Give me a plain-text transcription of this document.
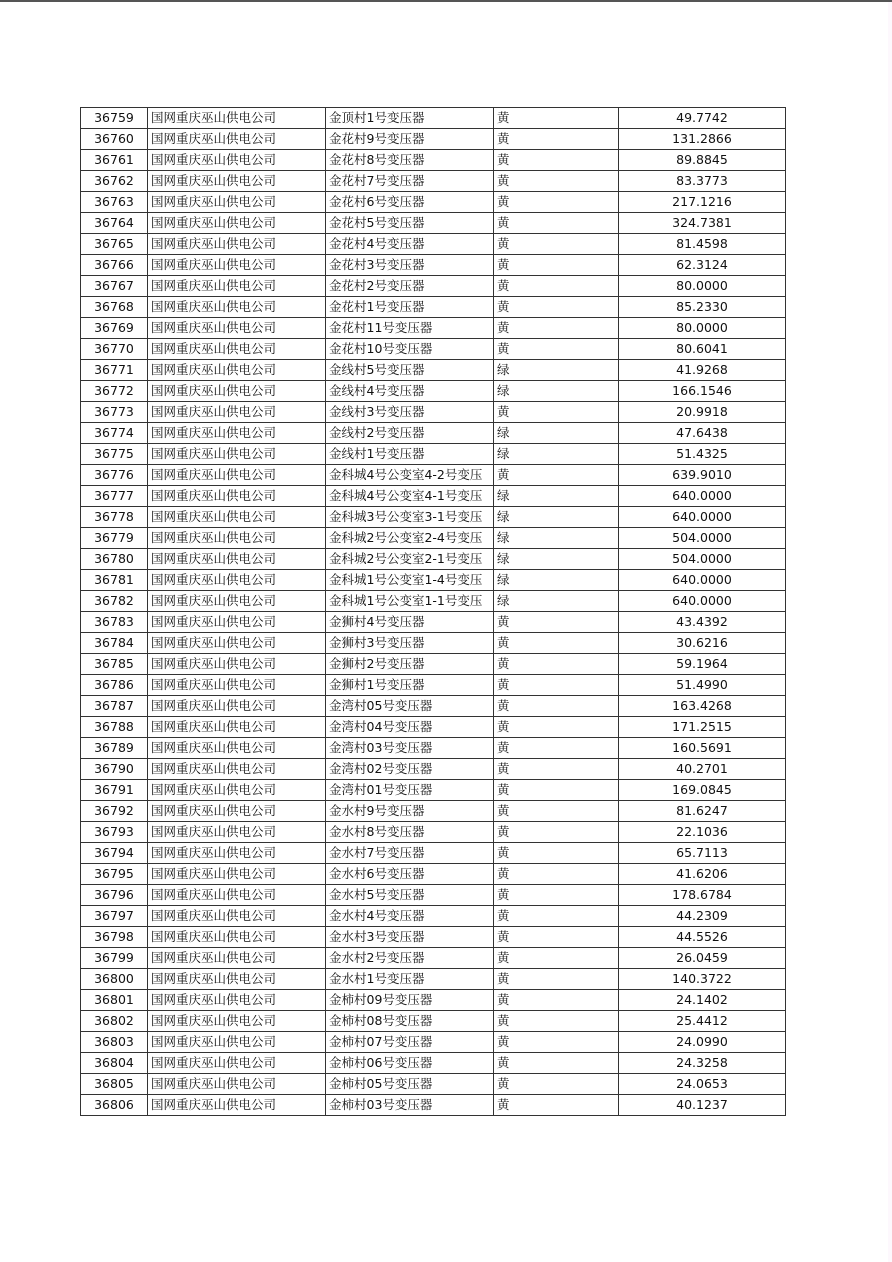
36759	国网重庆巫山供电公司	金顶村1号变压器	黄	49.7742
36760	国网重庆巫山供电公司	金花村9号变压器	黄	131.2866
36761	国网重庆巫山供电公司	金花村8号变压器	黄	89.8845
36762	国网重庆巫山供电公司	金花村7号变压器	黄	83.3773
36763	国网重庆巫山供电公司	金花村6号变压器	黄	217.1216
36764	国网重庆巫山供电公司	金花村5号变压器	黄	324.7381
36765	国网重庆巫山供电公司	金花村4号变压器	黄	81.4598
36766	国网重庆巫山供电公司	金花村3号变压器	黄	62.3124
36767	国网重庆巫山供电公司	金花村2号变压器	黄	80.0000
36768	国网重庆巫山供电公司	金花村1号变压器	黄	85.2330
36769	国网重庆巫山供电公司	金花村11号变压器	黄	80.0000
36770	国网重庆巫山供电公司	金花村10号变压器	黄	80.6041
36771	国网重庆巫山供电公司	金线村5号变压器	绿	41.9268
36772	国网重庆巫山供电公司	金线村4号变压器	绿	166.1546
36773	国网重庆巫山供电公司	金线村3号变压器	黄	20.9918
36774	国网重庆巫山供电公司	金线村2号变压器	绿	47.6438
36775	国网重庆巫山供电公司	金线村1号变压器	绿	51.4325
36776	国网重庆巫山供电公司	金科城4号公变室4-2号变压	黄	639.9010
36777	国网重庆巫山供电公司	金科城4号公变室4-1号变压	绿	640.0000
36778	国网重庆巫山供电公司	金科城3号公变室3-1号变压	绿	640.0000
36779	国网重庆巫山供电公司	金科城2号公变室2-4号变压	绿	504.0000
36780	国网重庆巫山供电公司	金科城2号公变室2-1号变压	绿	504.0000
36781	国网重庆巫山供电公司	金科城1号公变室1-4号变压	绿	640.0000
36782	国网重庆巫山供电公司	金科城1号公变室1-1号变压	绿	640.0000
36783	国网重庆巫山供电公司	金狮村4号变压器	黄	43.4392
36784	国网重庆巫山供电公司	金狮村3号变压器	黄	30.6216
36785	国网重庆巫山供电公司	金狮村2号变压器	黄	59.1964
36786	国网重庆巫山供电公司	金狮村1号变压器	黄	51.4990
36787	国网重庆巫山供电公司	金湾村05号变压器	黄	163.4268
36788	国网重庆巫山供电公司	金湾村04号变压器	黄	171.2515
36789	国网重庆巫山供电公司	金湾村03号变压器	黄	160.5691
36790	国网重庆巫山供电公司	金湾村02号变压器	黄	40.2701
36791	国网重庆巫山供电公司	金湾村01号变压器	黄	169.0845
36792	国网重庆巫山供电公司	金水村9号变压器	黄	81.6247
36793	国网重庆巫山供电公司	金水村8号变压器	黄	22.1036
36794	国网重庆巫山供电公司	金水村7号变压器	黄	65.7113
36795	国网重庆巫山供电公司	金水村6号变压器	黄	41.6206
36796	国网重庆巫山供电公司	金水村5号变压器	黄	178.6784
36797	国网重庆巫山供电公司	金水村4号变压器	黄	44.2309
36798	国网重庆巫山供电公司	金水村3号变压器	黄	44.5526
36799	国网重庆巫山供电公司	金水村2号变压器	黄	26.0459
36800	国网重庆巫山供电公司	金水村1号变压器	黄	140.3722
36801	国网重庆巫山供电公司	金柿村09号变压器	黄	24.1402
36802	国网重庆巫山供电公司	金柿村08号变压器	黄	25.4412
36803	国网重庆巫山供电公司	金柿村07号变压器	黄	24.0990
36804	国网重庆巫山供电公司	金柿村06号变压器	黄	24.3258
36805	国网重庆巫山供电公司	金柿村05号变压器	黄	24.0653
36806	国网重庆巫山供电公司	金柿村03号变压器	黄	40.1237
